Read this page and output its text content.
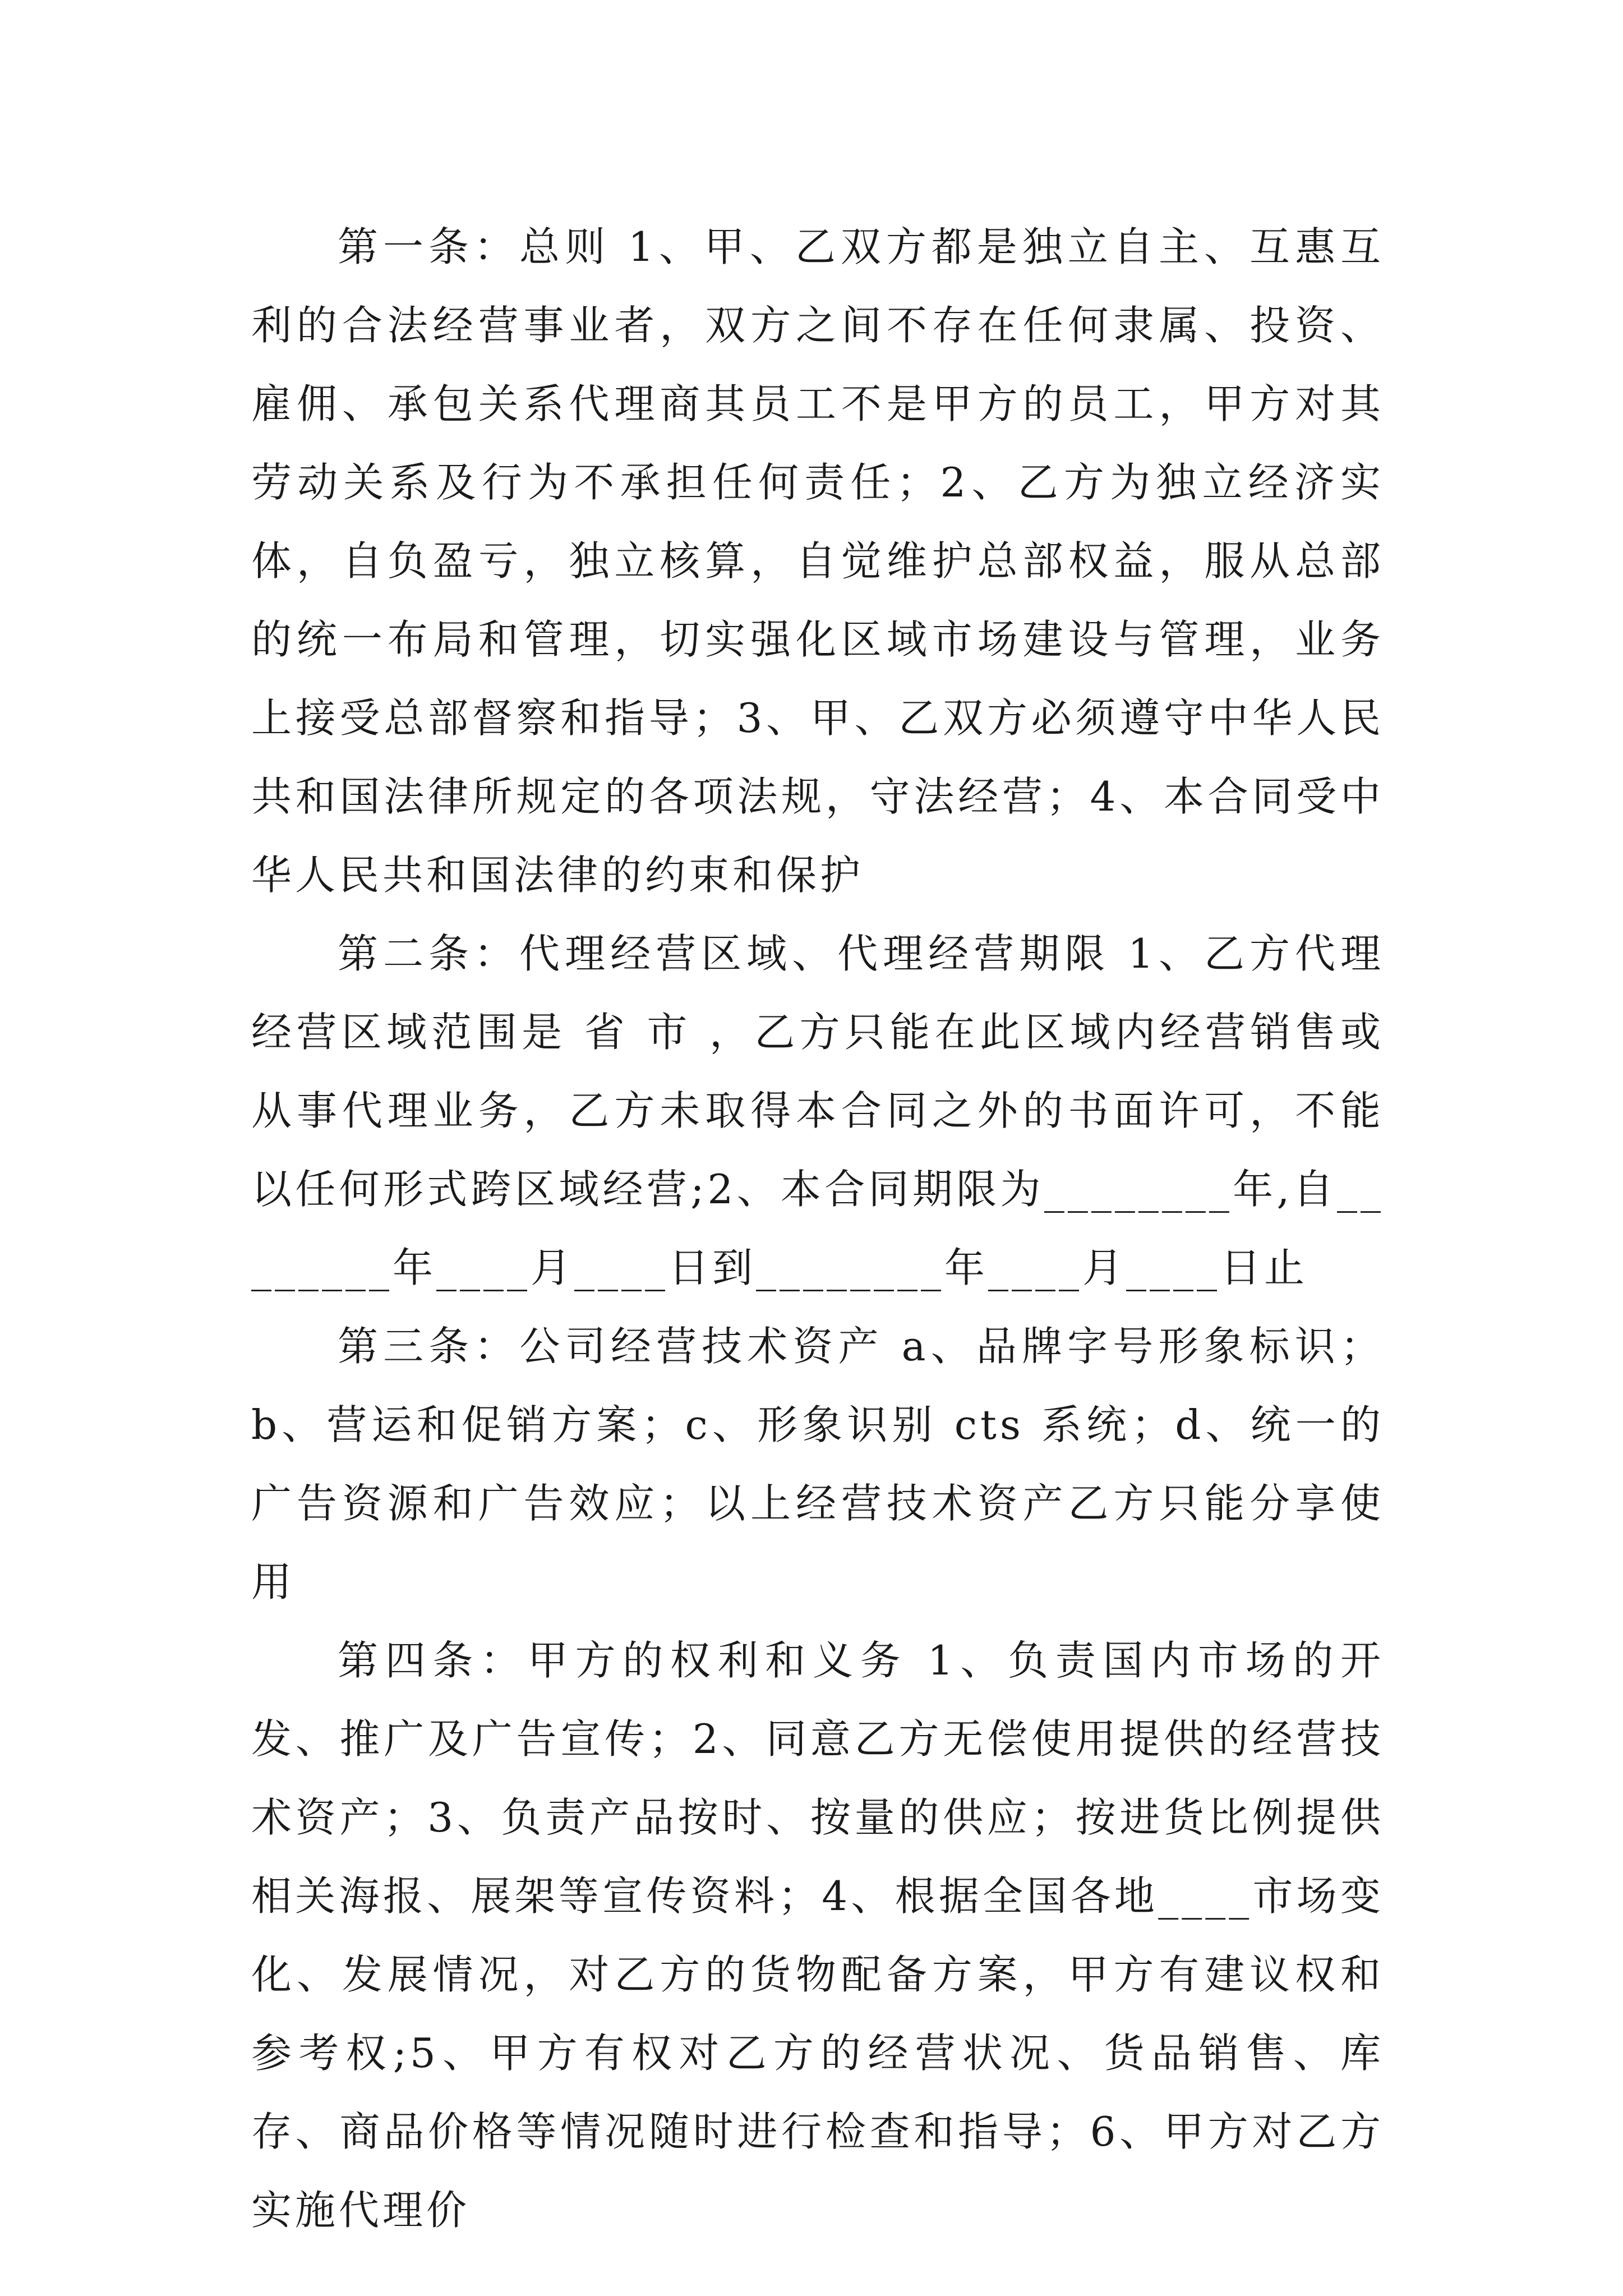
第一条：总则 1、甲、乙双方都是独立自主、互惠互利的合法经营事业者，双方之间不存在任何隶属、投资、雇佣、承包关系代理商其员工不是甲方的员工，甲方对其劳动关系及行为不承担任何责任；2、乙方为独立经济实体，自负盈亏，独立核算，自觉维护总部权益，服从总部的统一布局和管理，切实强化区域市场建设与管理，业务上接受总部督察和指导；3、甲、乙双方必须遵守中华人民共和国法律所规定的各项法规，守法经营；4、本合同受中华人民共和国法律的约束和保护

第二条：代理经营区域、代理经营期限 1、乙方代理经营区域范围是 省 市 ，乙方只能在此区域内经营销售或从事代理业务，乙方未取得本合同之外的书面许可，不能以任何形式跨区域经营;2、本合同期限为________年,自________年____月____日到________年____月____日止

第三条：公司经营技术资产 a、品牌字号形象标识；b、营运和促销方案；c、形象识别 cts 系统；d、统一的广告资源和广告效应；以上经营技术资产乙方只能分享使用

第四条：甲方的权利和义务 1、负责国内市场的开发、推广及广告宣传；2、同意乙方无偿使用提供的经营技术资产；3、负责产品按时、按量的供应；按进货比例提供相关海报、展架等宣传资料；4、根据全国各地____市场变化、发展情况，对乙方的货物配备方案，甲方有建议权和参考权;5、甲方有权对乙方的经营状况、货品销售、库存、商品价格等情况随时进行检查和指导；6、甲方对乙方实施代理价
